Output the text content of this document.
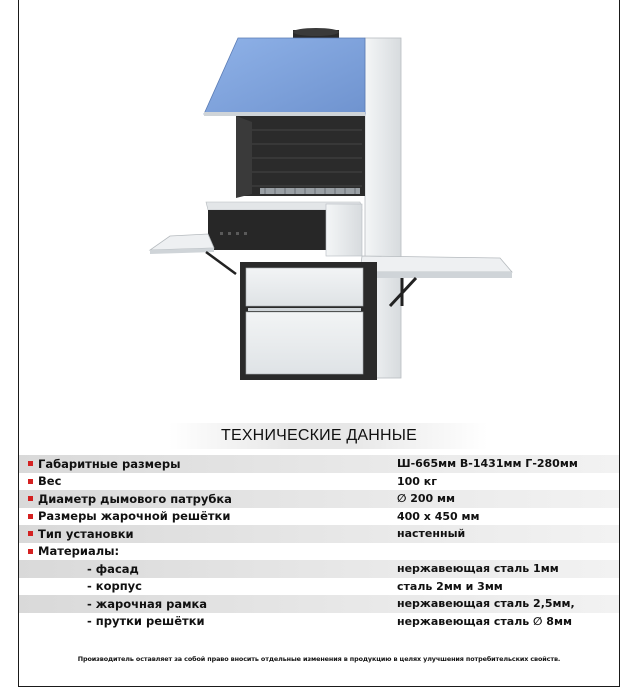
ТЕХНИЧЕСКИЕ ДАННЫЕ
Габаритные размеры	Ш-665мм В-1431мм Г-280мм
Вес	100 кг
Диаметр дымового патрубка	∅ 200 мм
Размеры жарочной решётки	400 х 450 мм
Тип установки	настенный
Материалы:
- фасад	нержавеющая сталь 1мм
- корпус	сталь 2мм и 3мм
- жарочная рамка	нержавеющая сталь 2,5мм,
- прутки решётки	нержавеющая сталь ∅ 8мм
Производитель оставляет за собой право вносить отдельные изменения в продукцию в целях улучшения потребительских свойств.
